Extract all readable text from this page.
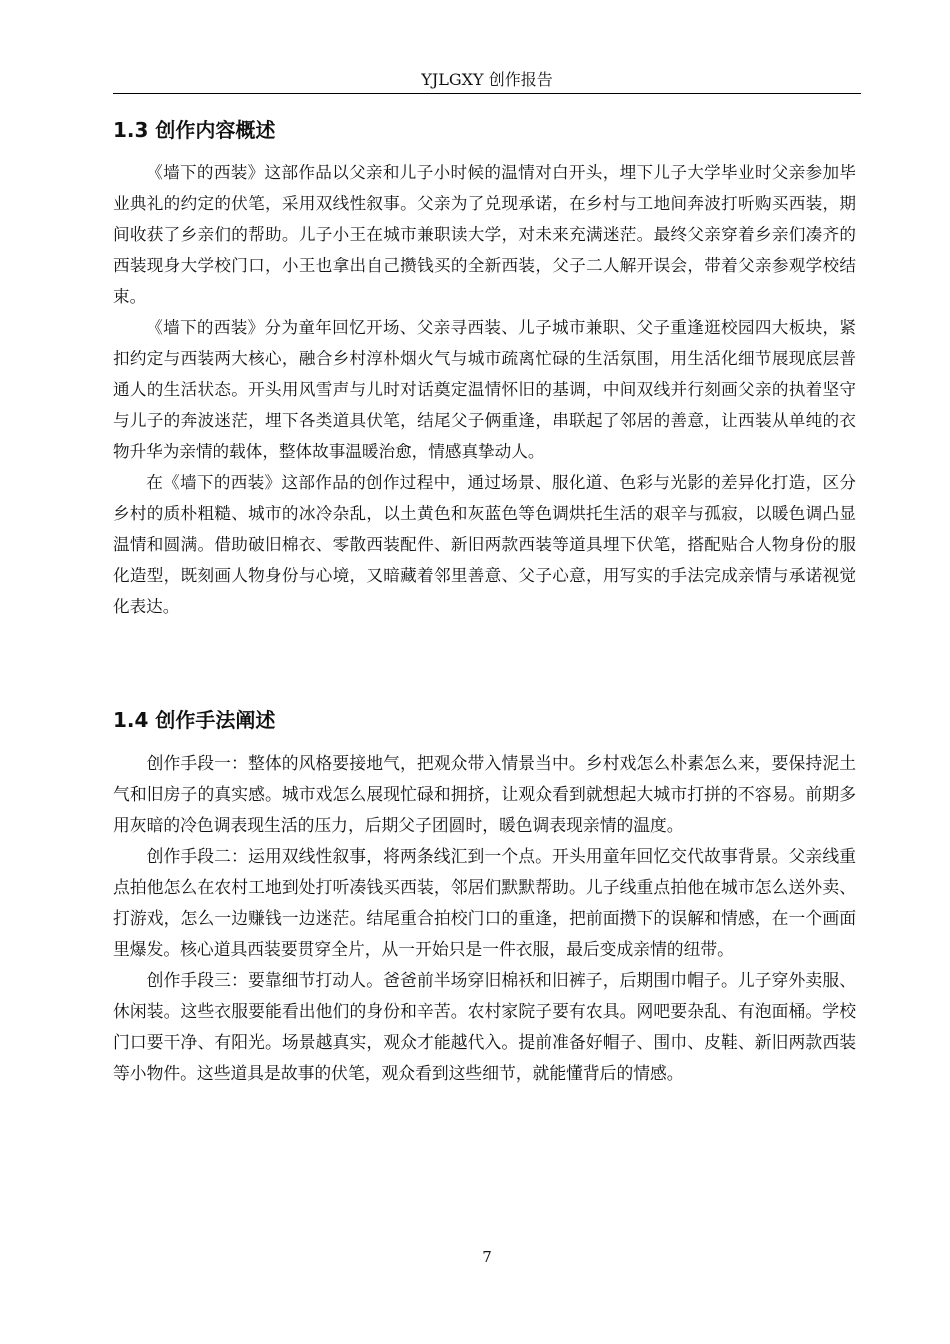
YJLGXY 创作报告
1.3 创作内容概述

《墙下的西装》这部作品以父亲和儿子小时候的温情对白开头，埋下儿子大学毕业时父亲参加毕业典礼的约定的伏笔，采用双线性叙事。父亲为了兑现承诺，在乡村与工地间奔波打听购买西装，期间收获了乡亲们的帮助。儿子小王在城市兼职读大学，对未来充满迷茫。最终父亲穿着乡亲们凑齐的西装现身大学校门口，小王也拿出自己攒钱买的全新西装，父子二人解开误会，带着父亲参观学校结束。

《墙下的西装》分为童年回忆开场、父亲寻西装、儿子城市兼职、父子重逢逛校园四大板块，紧扣约定与西装两大核心，融合乡村淳朴烟火气与城市疏离忙碌的生活氛围，用生活化细节展现底层普通人的生活状态。开头用风雪声与儿时对话奠定温情怀旧的基调，中间双线并行刻画父亲的执着坚守与儿子的奔波迷茫，埋下各类道具伏笔，结尾父子俩重逢，串联起了邻居的善意，让西装从单纯的衣物升华为亲情的载体，整体故事温暖治愈，情感真挚动人。

在《墙下的西装》这部作品的创作过程中，通过场景、服化道、色彩与光影的差异化打造，区分乡村的质朴粗糙、城市的冰冷杂乱，以土黄色和灰蓝色等色调烘托生活的艰辛与孤寂，以暖色调凸显温情和圆满。借助破旧棉衣、零散西装配件、新旧两款西装等道具埋下伏笔，搭配贴合人物身份的服化造型，既刻画人物身份与心境，又暗藏着邻里善意、父子心意，用写实的手法完成亲情与承诺视觉化表达。

1.4 创作手法阐述

创作手段一：整体的风格要接地气，把观众带入情景当中。乡村戏怎么朴素怎么来，要保持泥土气和旧房子的真实感。城市戏怎么展现忙碌和拥挤，让观众看到就想起大城市打拼的不容易。前期多用灰暗的冷色调表现生活的压力，后期父子团圆时，暖色调表现亲情的温度。

创作手段二：运用双线性叙事，将两条线汇到一个点。开头用童年回忆交代故事背景。父亲线重点拍他怎么在农村工地到处打听凑钱买西装，邻居们默默帮助。儿子线重点拍他在城市怎么送外卖、打游戏，怎么一边赚钱一边迷茫。结尾重合拍校门口的重逢，把前面攒下的误解和情感，在一个画面里爆发。核心道具西装要贯穿全片，从一开始只是一件衣服，最后变成亲情的纽带。

创作手段三：要靠细节打动人。爸爸前半场穿旧棉袄和旧裤子，后期围巾帽子。儿子穿外卖服、休闲装。这些衣服要能看出他们的身份和辛苦。农村家院子要有农具。网吧要杂乱、有泡面桶。学校门口要干净、有阳光。场景越真实，观众才能越代入。提前准备好帽子、围巾、皮鞋、新旧两款西装等小物件。这些道具是故事的伏笔，观众看到这些细节，就能懂背后的情感。

7
